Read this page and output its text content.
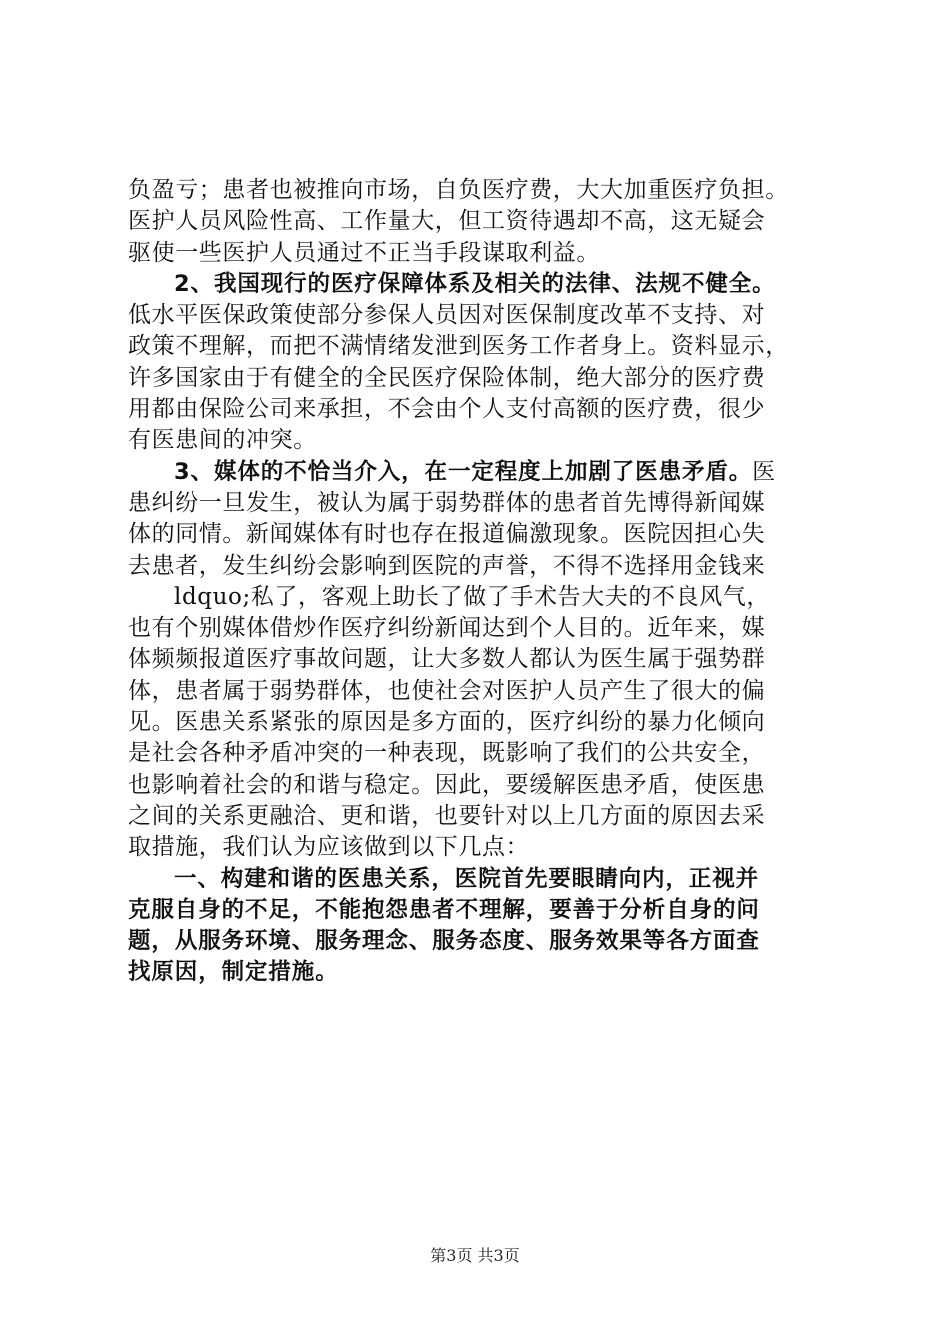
负盈亏；患者也被推向市场，自负医疗费，大大加重医疗负担。
医护人员风险性高、工作量大，但工资待遇却不高，这无疑会
驱使一些医护人员通过不正当手段谋取利益。
2、我国现行的医疗保障体系及相关的法律、法规不健全。
低水平医保政策使部分参保人员因对医保制度改革不支持、对
政策不理解，而把不满情绪发泄到医务工作者身上。资料显示，
许多国家由于有健全的全民医疗保险体制，绝大部分的医疗费
用都由保险公司来承担，不会由个人支付高额的医疗费，很少
有医患间的冲突。
3、媒体的不恰当介入，在一定程度上加剧了医患矛盾。医
患纠纷一旦发生，被认为属于弱势群体的患者首先博得新闻媒
体的同情。新闻媒体有时也存在报道偏激现象。医院因担心失
去患者，发生纠纷会影响到医院的声誉，不得不选择用金钱来
ldquo;私了，客观上助长了做了手术告大夫的不良风气，
也有个别媒体借炒作医疗纠纷新闻达到个人目的。近年来，媒
体频频报道医疗事故问题，让大多数人都认为医生属于强势群
体，患者属于弱势群体，也使社会对医护人员产生了很大的偏
见。医患关系紧张的原因是多方面的，医疗纠纷的暴力化倾向
是社会各种矛盾冲突的一种表现，既影响了我们的公共安全，
也影响着社会的和谐与稳定。因此，要缓解医患矛盾，使医患
之间的关系更融洽、更和谐，也要针对以上几方面的原因去采
取措施，我们认为应该做到以下几点：
一、构建和谐的医患关系，医院首先要眼睛向内，正视并
克服自身的不足，不能抱怨患者不理解，要善于分析自身的问
题，从服务环境、服务理念、服务态度、服务效果等各方面查
找原因，制定措施。
第3页 共3页
